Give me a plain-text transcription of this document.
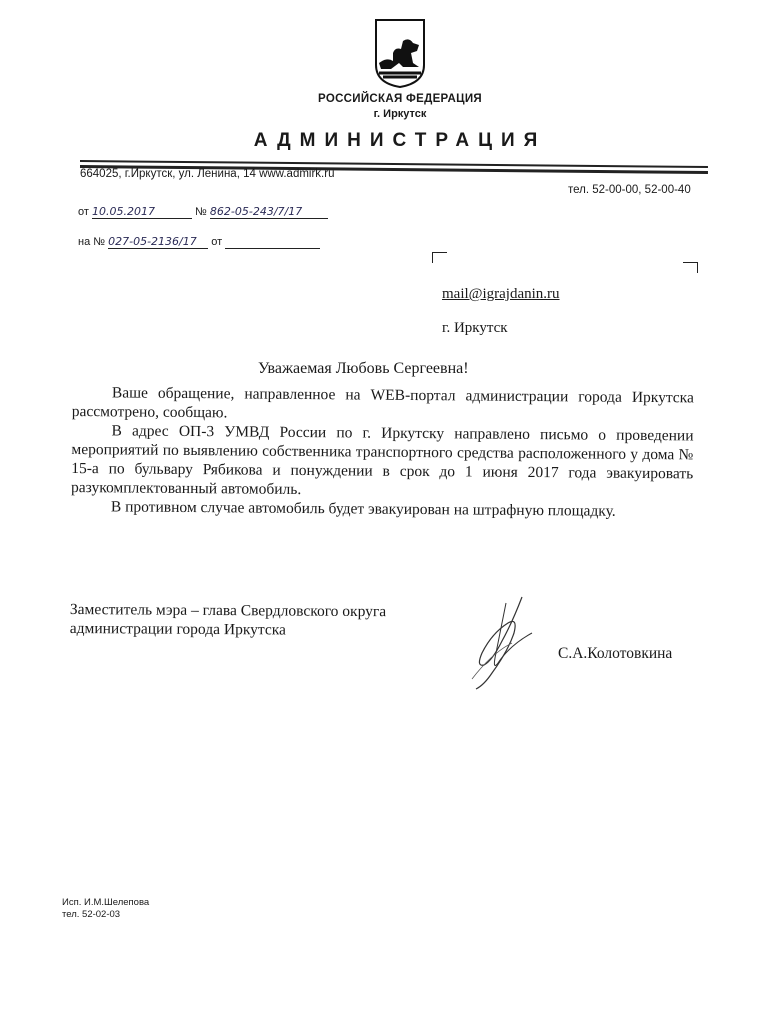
РОССИЙСКАЯ ФЕДЕРАЦИЯ
г. Иркутск
АДМИНИСТРАЦИЯ
664025, г.Иркутск, ул. Ленина, 14 www.admirk.ru
тел. 52-00-00, 52-00-40
от 10.05.2017	№ 862-05-243/7/17
на № 027-05-2136/17 от
mail@igrajdanin.ru
г. Иркутск
Уважаемая Любовь Сергеевна!

Ваше обращение, направленное на WEB-портал администрации города Иркутска рассмотрено, сообщаю.

В адрес ОП-3 УМВД России по г. Иркутску направлено письмо о проведении мероприятий по выявлению собственника транспортного средства расположенного у дома № 15-а по бульвару Рябикова и понуждении в срок до 1 июня 2017 года эвакуировать разукомплектованный автомобиль.

В противном случае автомобиль будет эвакуирован на штрафную площадку.

Заместитель мэра – глава Свердловского округа
администрации города Иркутска
С.А.Колотовкина
Исп. И.М.Шелепова
тел. 52-02-03
